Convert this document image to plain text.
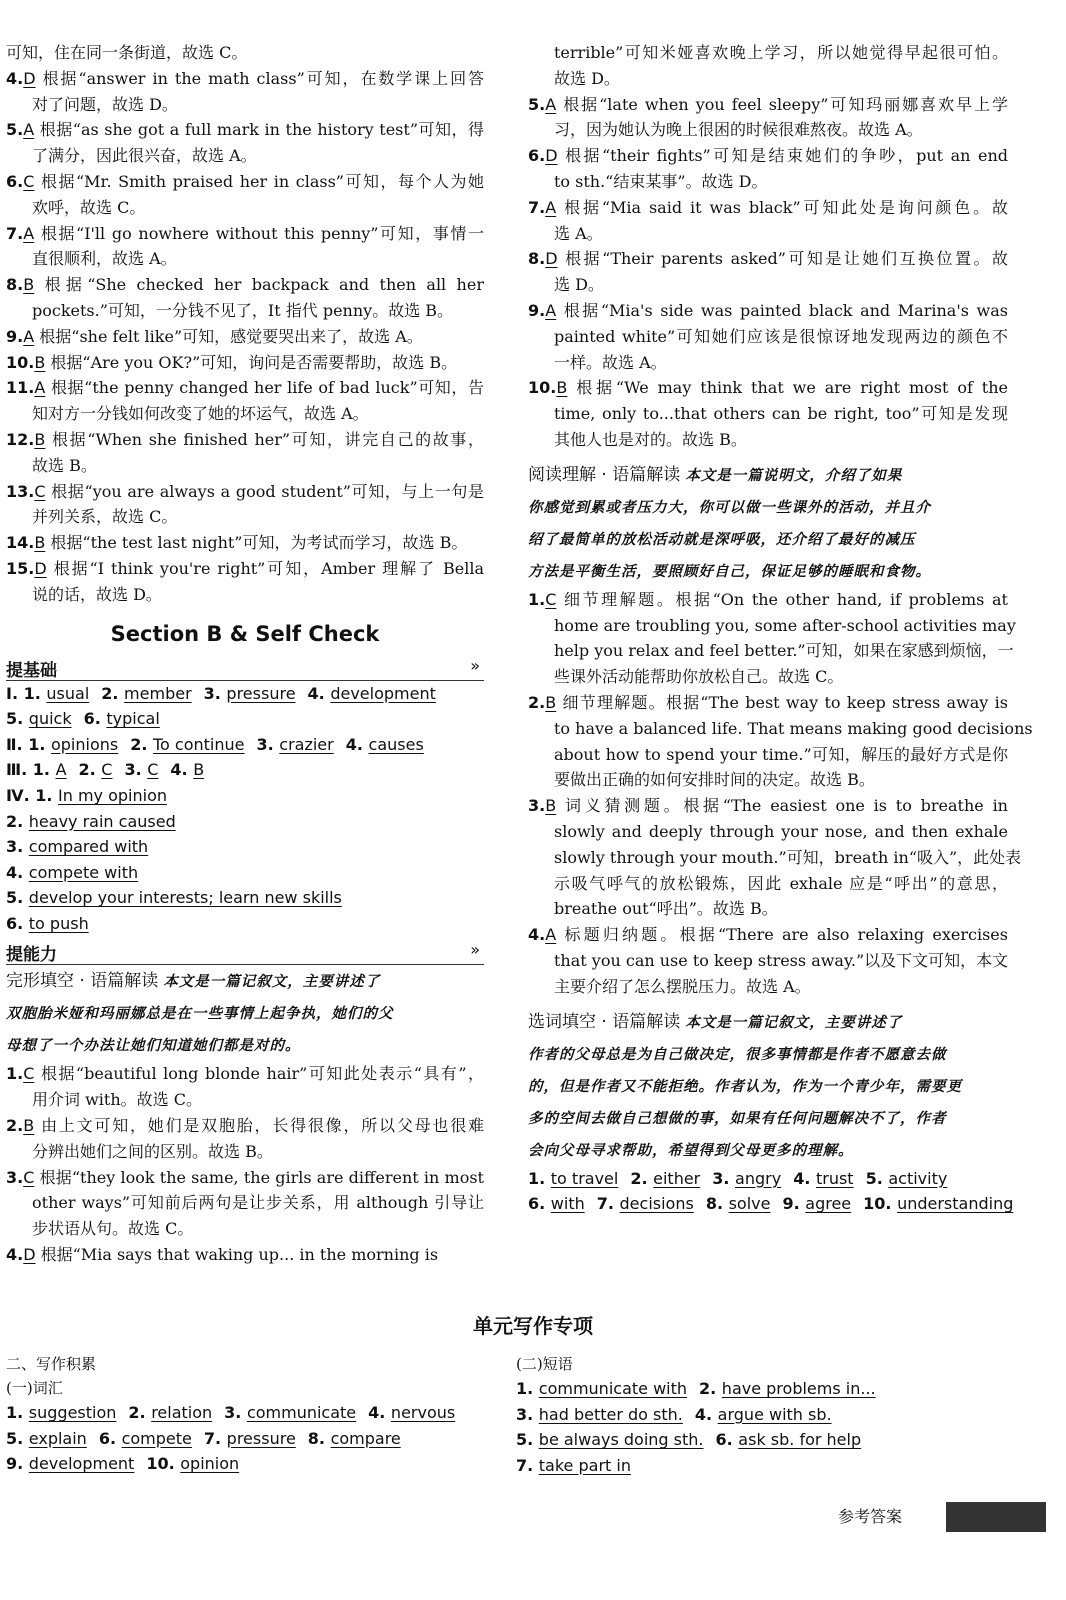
可知，住在同一条街道，故选 C。
4.D 根据“answer in the math class”可知，在数学课上回答
对了问题，故选 D。
5.A 根据“as she got a full mark in the history test”可知，得
了满分，因此很兴奋，故选 A。
6.C 根据“Mr. Smith praised her in class”可知，每个人为她
欢呼，故选 C。
7.A 根据“I'll go nowhere without this penny”可知，事情一
直很顺利，故选 A。
8.B 根据“She checked her backpack and then all her
pockets.”可知，一分钱不见了，It 指代 penny。故选 B。
9.A 根据“she felt like”可知，感觉要哭出来了，故选 A。
10.B 根据“Are you OK?”可知，询问是否需要帮助，故选 B。
11.A 根据“the penny changed her life of bad luck”可知，告
知对方一分钱如何改变了她的坏运气，故选 A。
12.B 根据“When she finished her”可知，讲完自己的故事，
故选 B。
13.C 根据“you are always a good student”可知，与上一句是
并列关系，故选 C。
14.B 根据“the test last night”可知，为考试而学习，故选 B。
15.D 根据“I think you're right”可知，Amber 理解了 Bella
说的话，故选 D。
Section B & Self Check
提基础	»
Ⅰ. 1. usual 2. member 3. pressure 4. development
5. quick 6. typical
Ⅱ. 1. opinions 2. To continue 3. crazier 4. causes
Ⅲ. 1. A 2. C 3. C 4. B
Ⅳ. 1. In my opinion
2. heavy rain caused
3. compared with
4. compete with
5. develop your interests; learn new skills
6. to push
提能力	»
完形填空 · 语篇解读 本文是一篇记叙文，主要讲述了
双胞胎米娅和玛丽娜总是在一些事情上起争执，她们的父
母想了一个办法让她们知道她们都是对的。
1.C 根据“beautiful long blonde hair”可知此处表示“具有”，
用介词 with。故选 C。
2.B 由上文可知，她们是双胞胎，长得很像，所以父母也很难
分辨出她们之间的区别。故选 B。
3.C 根据“they look the same, the girls are different in most
other ways”可知前后两句是让步关系，用 although 引导让
步状语从句。故选 C。
4.D 根据“Mia says that waking up... in the morning is
terrible”可知米娅喜欢晚上学习，所以她觉得早起很可怕。
故选 D。
5.A 根据“late when you feel sleepy”可知玛丽娜喜欢早上学
习，因为她认为晚上很困的时候很难熬夜。故选 A。
6.D 根据“their fights”可知是结束她们的争吵，put an end
to sth.“结束某事”。故选 D。
7.A 根据“Mia said it was black”可知此处是询问颜色。故
选 A。
8.D 根据“Their parents asked”可知是让她们互换位置。故
选 D。
9.A 根据“Mia's side was painted black and Marina's was
painted white”可知她们应该是很惊讶地发现两边的颜色不
一样。故选 A。
10.B 根据“We may think that we are right most of the
time, only to...that others can be right, too”可知是发现
其他人也是对的。故选 B。
阅读理解 · 语篇解读 本文是一篇说明文，介绍了如果
你感觉到累或者压力大，你可以做一些课外的活动，并且介
绍了最简单的放松活动就是深呼吸，还介绍了最好的减压
方法是平衡生活，要照顾好自己，保证足够的睡眠和食物。
1.C 细节理解题。根据“On the other hand, if problems at
home are troubling you, some after-school activities may
help you relax and feel better.”可知，如果在家感到烦恼，一
些课外活动能帮助你放松自己。故选 C。
2.B 细节理解题。根据“The best way to keep stress away is
to have a balanced life. That means making good decisions
about how to spend your time.”可知，解压的最好方式是你
要做出正确的如何安排时间的决定。故选 B。
3.B 词义猜测题。根据“The easiest one is to breathe in
slowly and deeply through your nose, and then exhale
slowly through your mouth.”可知，breath in“吸入”，此处表
示吸气呼气的放松锻炼，因此 exhale 应是“呼出”的意思，
breathe out“呼出”。故选 B。
4.A 标题归纳题。根据“There are also relaxing exercises
that you can use to keep stress away.”以及下文可知，本文
主要介绍了怎么摆脱压力。故选 A。
选词填空 · 语篇解读 本文是一篇记叙文，主要讲述了
作者的父母总是为自己做决定，很多事情都是作者不愿意去做
的，但是作者又不能拒绝。作者认为，作为一个青少年，需要更
多的空间去做自己想做的事，如果有任何问题解决不了，作者
会向父母寻求帮助，希望得到父母更多的理解。
1. to travel 2. either 3. angry 4. trust 5. activity
6. with 7. decisions 8. solve 9. agree 10. understanding
单元写作专项
二、写作积累
(一)词汇
1. suggestion 2. relation 3. communicate 4. nervous
5. explain 6. compete 7. pressure 8. compare
9. development 10. opinion
(二)短语
1. communicate with 2. have problems in...
3. had better do sth. 4. argue with sb.
5. be always doing sth. 6. ask sb. for help
7. take part in
参考答案
